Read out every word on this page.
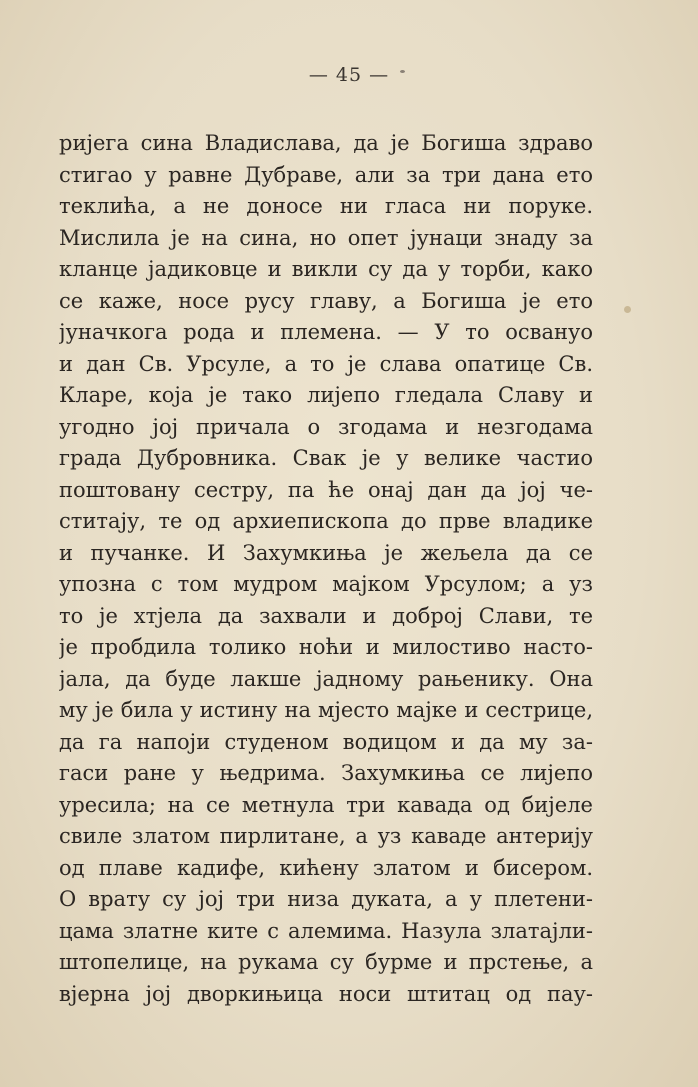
— 45 —
ријега сина Владислава, да је Богиша здраво
стигао у равне Дубраве, али за три дана ето
теклића, а не доносе ни гласа ни поруке.
Мислила је на сина, но опет јунаци знаду за
кланце јадиковце и викли су да у торби, како
се каже, носе русу главу, а Богиша је ето
јуначкога рода и племена. — У то освануо
и дан Св. Урсуле, а то је слава опатице Св.
Кларе, која је тако лијепо гледала Славу и
угодно јој причала о згодама и незгодама
града Дубровника. Свак је у велике частио
поштовану сестру, па ће онај дан да јој че-
ститају, те од архиепископа до прве владике
и пучанке. И Захумкиња је жељела да се
упозна с том мудром мајком Урсулом; а уз
то је хтјела да захвали и доброј Слави, те
је пробдила толико ноћи и милостиво насто-
јала, да буде лакше јадному рањенику. Она
му је била у истину на мјесто мајке и сестрице,
да га напоји студеном водицом и да му за-
гаси ране у њедрима. Захумкиња се лијепо
уресила; на се метнула три кавада од бијеле
свиле златом пирлитане, а уз каваде антерију
од плаве кадифе, кићену златом и бисером.
О врату су јој три низа дуката, а у плетени-
цама златне ките с алемима. Назула златајли-
штопелице, на рукама су бурме и прстење, а
вјерна јој дворкињица носи штитац од пау-
